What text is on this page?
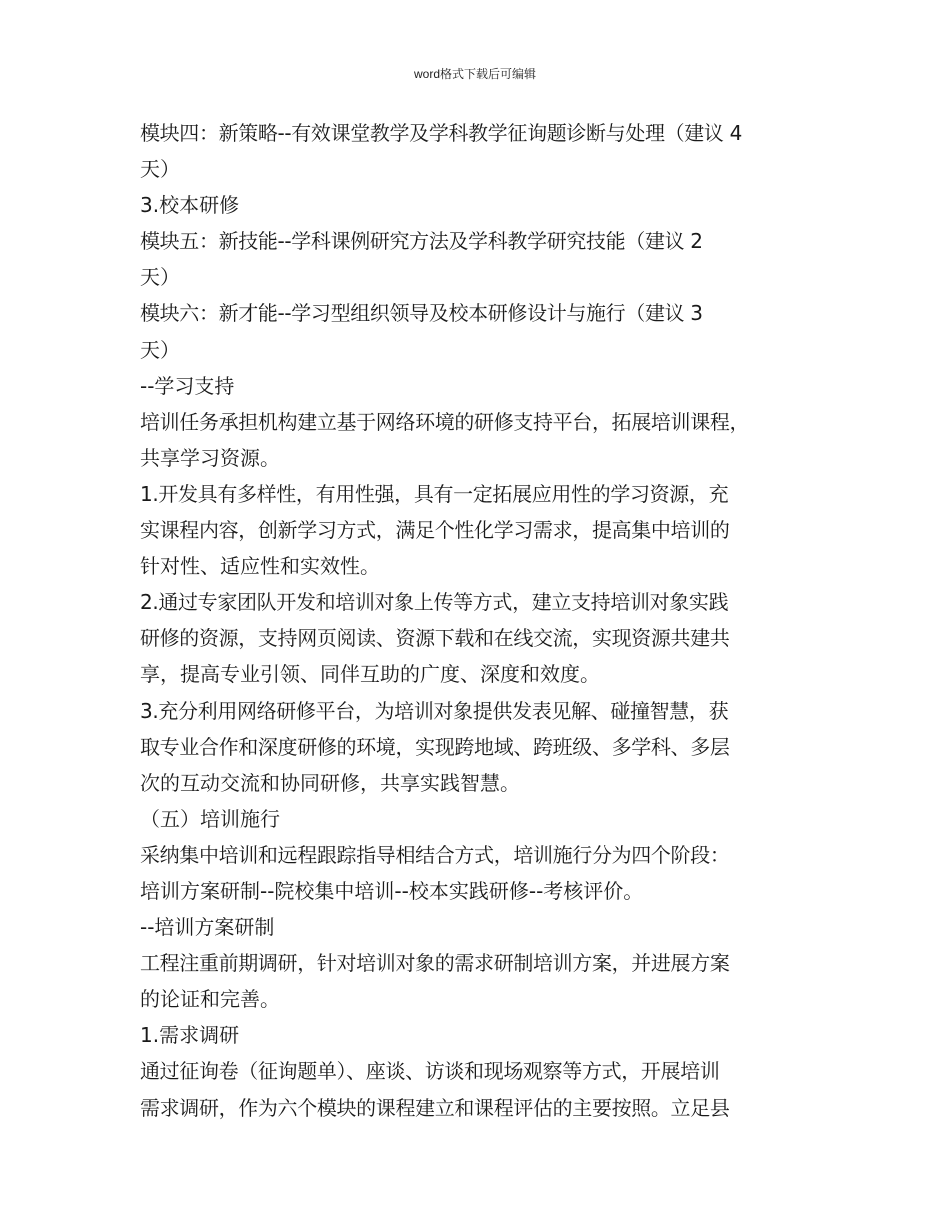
word格式下载后可编辑
模块四：新策略--有效课堂教学及学科教学征询题诊断与处理（建议 4
天）
3.校本研修
模块五：新技能--学科课例研究方法及学科教学研究技能（建议 2
天）
模块六：新才能--学习型组织领导及校本研修设计与施行（建议 3
天）
--学习支持
培训任务承担机构建立基于网络环境的研修支持平台，拓展培训课程，
共享学习资源。
1.开发具有多样性，有用性强，具有一定拓展应用性的学习资源，充
实课程内容，创新学习方式，满足个性化学习需求，提高集中培训的
针对性、适应性和实效性。
2.通过专家团队开发和培训对象上传等方式，建立支持培训对象实践
研修的资源，支持网页阅读、资源下载和在线交流，实现资源共建共
享，提高专业引领、同伴互助的广度、深度和效度。
3.充分利用网络研修平台，为培训对象提供发表见解、碰撞智慧，获
取专业合作和深度研修的环境，实现跨地域、跨班级、多学科、多层
次的互动交流和协同研修，共享实践智慧。
（五）培训施行
采纳集中培训和远程跟踪指导相结合方式，培训施行分为四个阶段：
培训方案研制--院校集中培训--校本实践研修--考核评价。
--培训方案研制
工程注重前期调研，针对培训对象的需求研制培训方案，并进展方案
的论证和完善。
1.需求调研
通过征询卷（征询题单）、座谈、访谈和现场观察等方式，开展培训
需求调研，作为六个模块的课程建立和课程评估的主要按照。立足县
